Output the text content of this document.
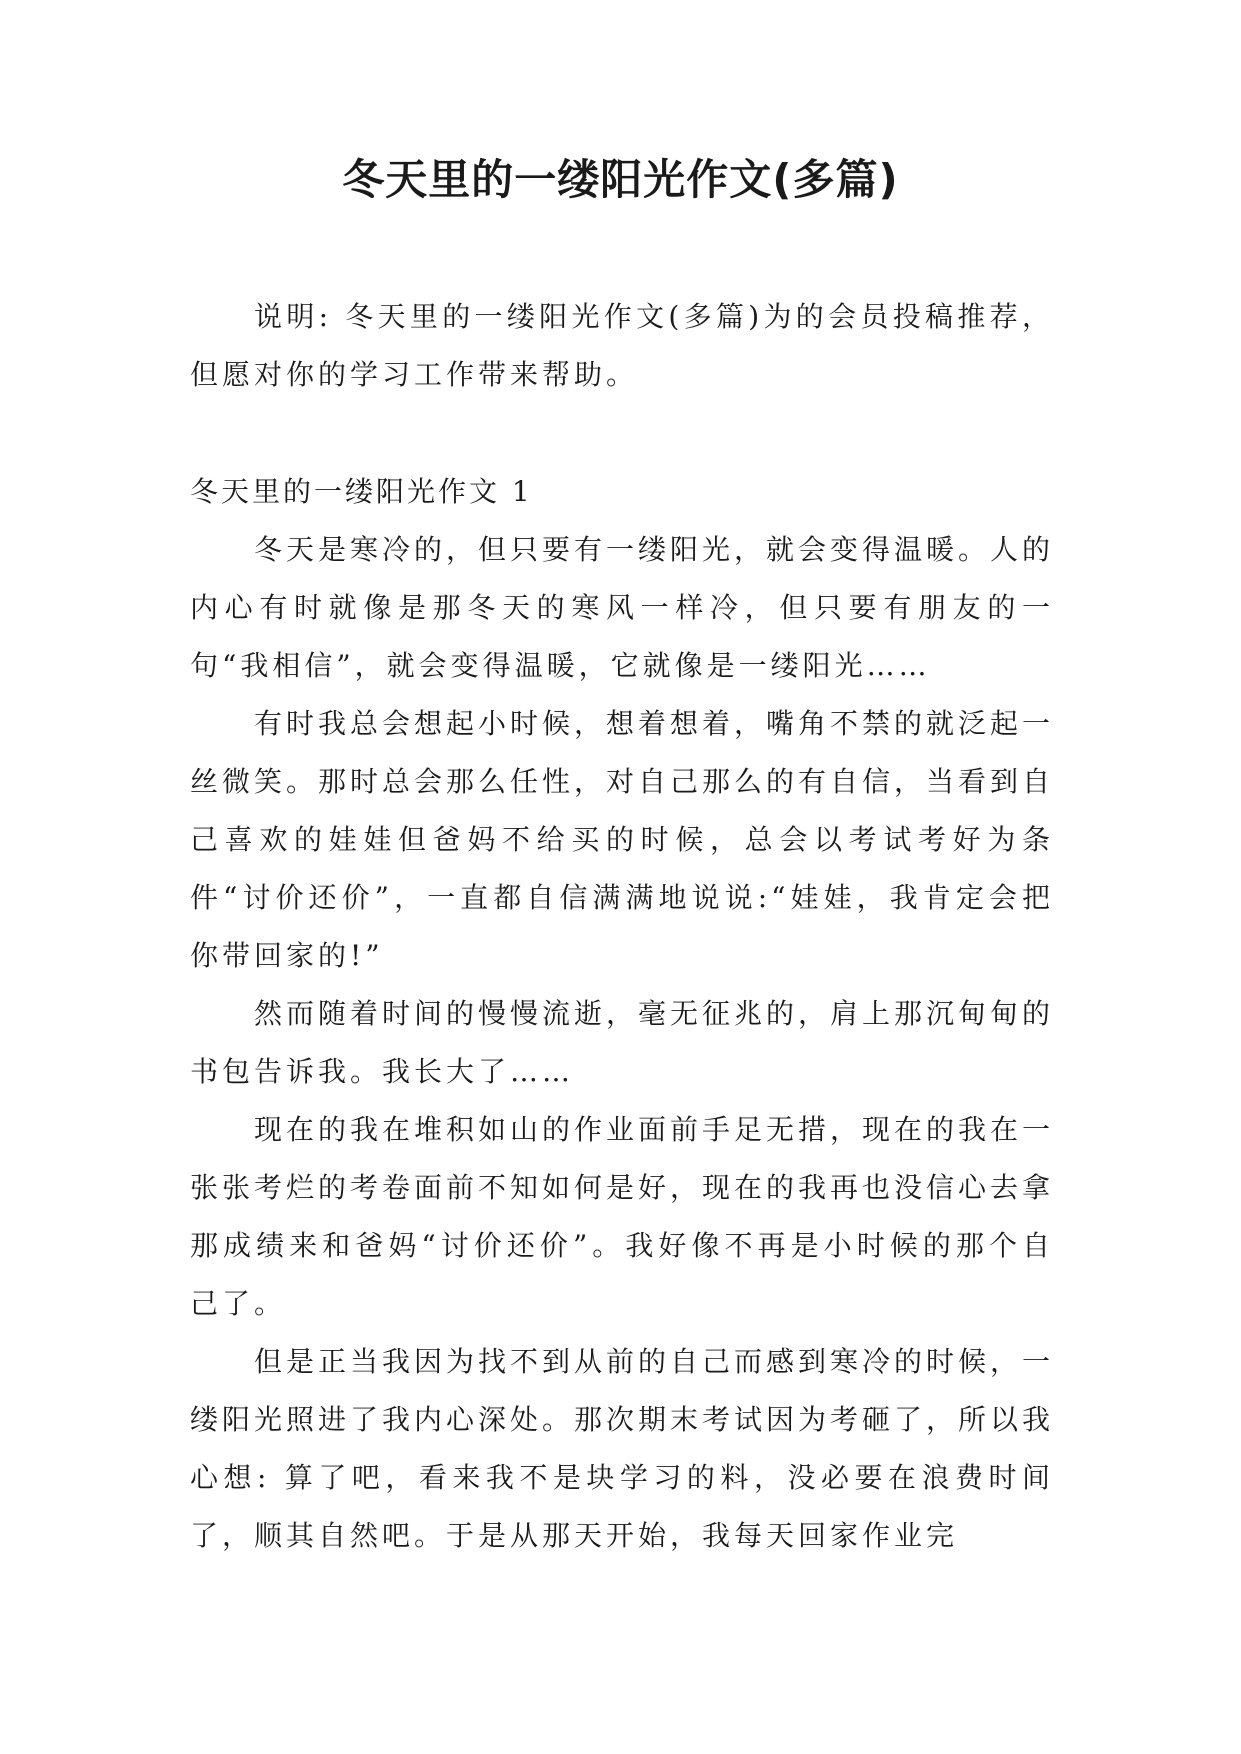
冬天里的一缕阳光作文(多篇)
说明: 冬天里的一缕阳光作文(多篇)为的会员投稿推荐，但愿对你的学习工作带来帮助。
冬天里的一缕阳光作文 1

冬天是寒冷的，但只要有一缕阳光，就会变得温暖。人的内心有时就像是那冬天的寒风一样冷，但只要有朋友的一句“我相信”，就会变得温暖，它就像是一缕阳光……

有时我总会想起小时候，想着想着，嘴角不禁的就泛起一丝微笑。那时总会那么任性，对自己那么的有自信，当看到自己喜欢的娃娃但爸妈不给买的时候，总会以考试考好为条件“讨价还价”，一直都自信满满地说说:“娃娃，我肯定会把你带回家的!”

然而随着时间的慢慢流逝，毫无征兆的，肩上那沉甸甸的书包告诉我。我长大了……

现在的我在堆积如山的作业面前手足无措，现在的我在一张张考烂的考卷面前不知如何是好，现在的我再也没信心去拿那成绩来和爸妈“讨价还价”。我好像不再是小时候的那个自己了。

但是正当我因为找不到从前的自己而感到寒冷的时候，一缕阳光照进了我内心深处。那次期末考试因为考砸了，所以我心想: 算了吧，看来我不是块学习的料，没必要在浪费时间了，顺其自然吧。于是从那天开始，我每天回家作业完
